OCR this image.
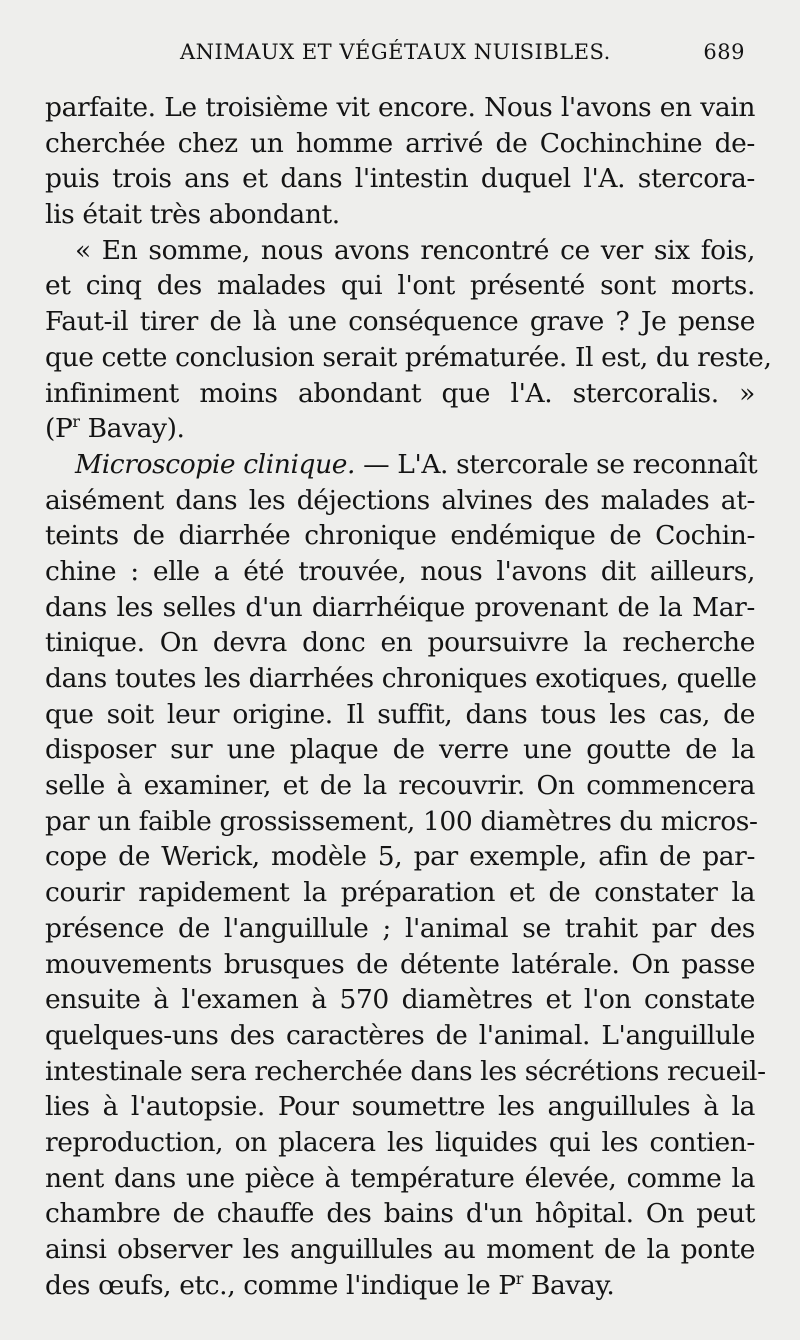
ANIMAUX ET VÉGÉTAUX NUISIBLES.	689
parfaite. Le troisième vit encore. Nous l'avons en vain
cherchée chez un homme arrivé de Cochinchine de-
puis trois ans et dans l'intestin duquel l'A. stercora-
lis était très abondant.
« En somme, nous avons rencontré ce ver six fois,
et cinq des malades qui l'ont présenté sont morts.
Faut-il tirer de là une conséquence grave ? Je pense
que cette conclusion serait prématurée. Il est, du reste,
infiniment moins abondant que l'A. stercoralis. »
($P^r$ Bavay).
Microscopie clinique. — L'A. stercorale se reconnaît
aisément dans les déjections alvines des malades at-
teints de diarrhée chronique endémique de Cochin-
chine : elle a été trouvée, nous l'avons dit ailleurs,
dans les selles d'un diarrhéique provenant de la Mar-
tinique. On devra donc en poursuivre la recherche
dans toutes les diarrhées chroniques exotiques, quelle
que soit leur origine. Il suffit, dans tous les cas, de
disposer sur une plaque de verre une goutte de la
selle à examiner, et de la recouvrir. On commencera
par un faible grossissement, 100 diamètres du micros-
cope de Werick, modèle 5, par exemple, afin de par-
courir rapidement la préparation et de constater la
présence de l'anguillule ; l'animal se trahit par des
mouvements brusques de détente latérale. On passe
ensuite à l'examen à 570 diamètres et l'on constate
quelques-uns des caractères de l'animal. L'anguillule
intestinale sera recherchée dans les sécrétions recueil-
lies à l'autopsie. Pour soumettre les anguillules à la
reproduction, on placera les liquides qui les contien-
nent dans une pièce à température élevée, comme la
chambre de chauffe des bains d'un hôpital. On peut
ainsi observer les anguillules au moment de la ponte
des œufs, etc., comme l'indique le $P^r$ Bavay.
